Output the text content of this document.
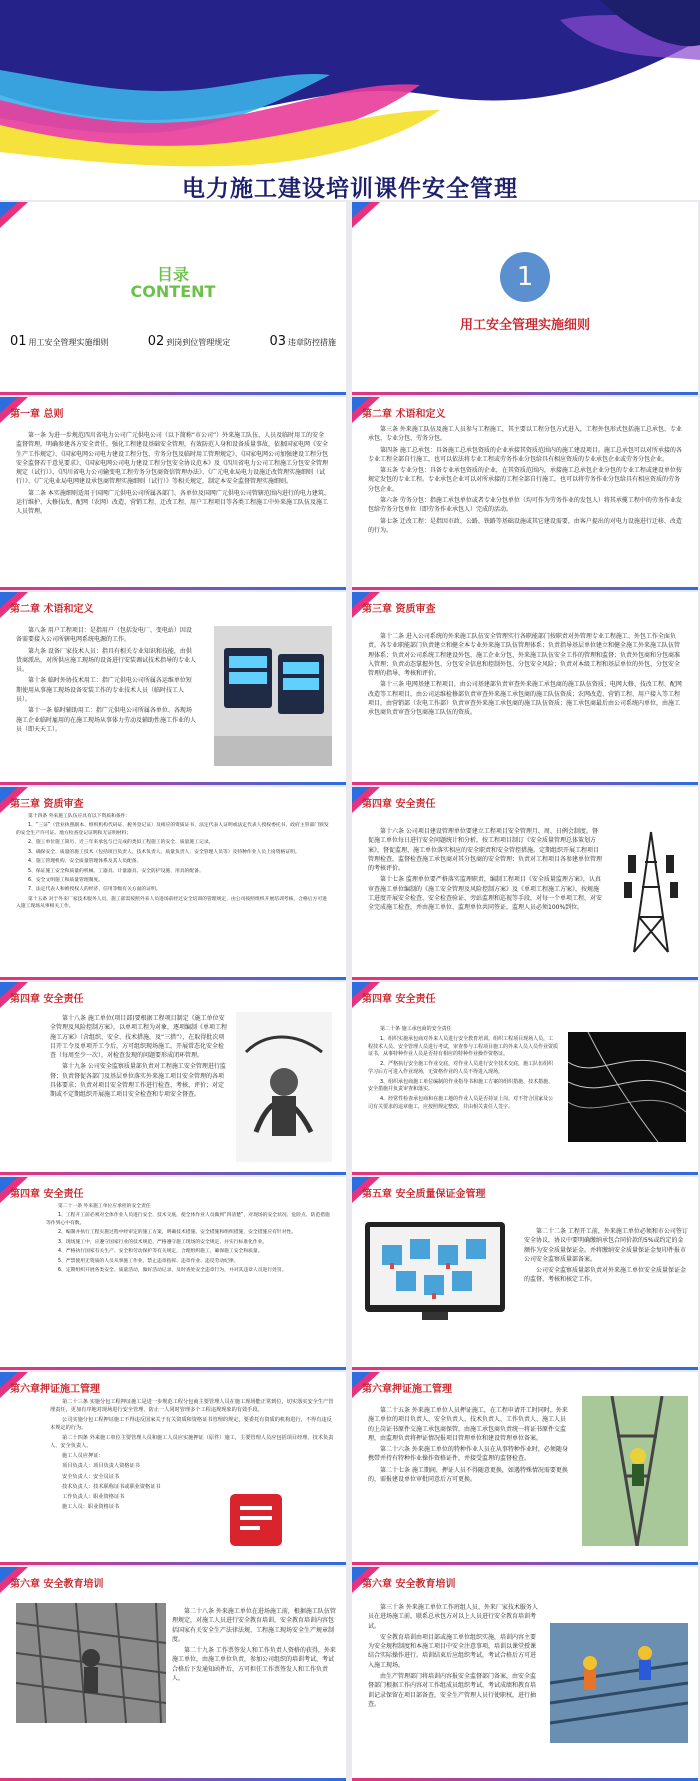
电力施工建设培训课件安全管理
目录
CONTENT
01 用工安全管理实施细则	02 到岗到位管理规定	03 违章防控措施
1
用工安全管理实施细则
第一章 总则

第一条 为进一步规范四川省电力公司广元供电公司（以下简称“市公司”）外来施工队伍、人员及临时用工的安全监督管理，明确参建各方安全责任，强化工程建设基础安全管理，有效防范人身和设备质量事故，依据国家电网《安全生产工作规定》、《国家电网公司电力建设工程分包、劳务分包及临时用工管理规定》、《国家电网公司加强建设工程分包安全监督若干意见要求》、《国家电网公司电力建设工程分包安全协议范本》及《四川省电力公司工程施工分包安全管理规定（试行）》、《四川省电力公司输变电工程劳务分包商资信管理办法》、《广元电业局电力设施迁改管理实施细则（试行）》、《广元电业局电网建设承包商管理实施细则（试行）》等相关规定，制定本安全监督管理实施细则。

第二条 本实施细则适用于国网广元供电公司所属各部门、各单位及国网广元供电公司管辖范围内进行的电力建筑、运行维护、大修技改、配网（农网）改造、营销工程、迁改工程、用户工程项目等各类工程施工中外来施工队伍及施工人员管理。

第二章 术语和定义

第三条 外来施工队伍及施工人员参与工程施工，其主要以工程分包方式进入，工程外包形式包括施工总承包、专业承包、专业分包、劳务分包。

第四条 施工总承包：具备施工总承包资质的企业承接其资质范围内的施工建设项目。施工总承包可以对所承接的各专业工程全部自行施工，也可以依法将专业工程或劳务作业分包给具有相应资质的专业承包企业或劳务分包企业。

第五条 专业分包：具备专业承包资质的企业，在其资质范围内，承接施工总承包企业分包的专业工程或建设单位按规定发包的专业工程。专业承包企业可以对所承接的工程全部自行施工，也可以将劳务作业分包给具有相应资质的劳务分包企业。

第六条 劳务分包：指施工承包单位或者专业分包单位（均可作为劳务作业的发包人）将其承揽工程中的劳务作业发包给劳务分包单位（即劳务作业承包人）完成的活动。

第七条 迁改工程：是指因市政、公路、铁路等基础设施或其它建设需要，由客户提出的对电力设施进行迁移、改造的行为。

第二章 术语和定义

第八条 用户工程项目：是指用户（包括发电厂、变电站）因设备需要接入公司所辖电网系统电源的工作。

第九条 设备厂家技术人员：指具有相关专业知识和技能，由供货商派出，对所供应施工现场的设备进行安装调试技术指导的专业人员。

第十条 临时外协技术用工：指广元供电公司所属各运维单位短期使用从事施工现场设备安装工作的专业技术人员（临时技工人员）。

第十一条 临时辅助用工：指广元供电公司所属各单位、各现场施工企业临时雇用的在施工现场从事体力劳动及辅助性施工作业的人员（即天天工）。

第三章 资质审查

第十二条 进入公司系统的外来施工队伍安全管理实行各职能部门按职责对外管理专业工程施工、外包工作全面负责。各专业职能部门负责建立和健全本专业外来施工队伍管理体系；负责指导基层单位建立和健全施工外来施工队伍管理体系；负责对公司系统工程建设外包、施工企业分包、外来施工队伍安全工作的管理和监督；负责外包商和分包商准入管理；负责动态掌握外包、分包安全信息和控制外包、分包安全风险；负责对本级工程和基层单位的外包、分包安全管理的指导、考核和评价。

第十三条 电网基建工程项目，由公司基建部负责审查外来施工承包商的施工队伍资质；电网大修、技改工程、配网改造等工程项目，由公司运维检修部负责审查外来施工承包商的施工队伍资质；农网改造、营销工程、用户接入等工程项目，由营销部（农电工作部）负责审查外来施工承包商的施工队伍资质；施工承包商最后由公司系统内单位，由施工承包商负责审查分包商施工队伍的资质。

第三章 资质审查

第十四条 外来施工队伍应具有以下资质和条件：

1、“三证”（营业执照副本、组织机构代码证、税务登记证）及相应的资质证书，法定代表人证明或法定代表人授权委托书、政府主管部门颁发的安全生产许可证。地方检查登记证明和无证明材料；

2、施工单位施工简历、近三年来承包与已完成的类似工程施工的安全、质量施工记录。

3、确保安全、质量的施工技术（包括项目负责人、技术负责人、质量负责人、安全管理人员等）及特种作业人员上岗资格证明。

4、施工管理机构、安全质量管理体系及其人员配备。

5、保证施工安全和质量的机械、工器具、计量器具、安全防护设施、用具的配备。

6、安全文明施工和质量管理制度。

7、法定代表人和被授权人的经济、信用等级有关方面的证明。

第十五条 对于外来厂家技术服务人员，施工部需按照外来人员进场前经过安全培训的管理规定，由公司按照组织开展培训考核，合格后方可进入施工现场从事相关工作。

第四章 安全责任

第十六条 公司项目建设管理单位要建立工程项目安全管理月、周、日例会制度。督促施工单位每日进行安全问题统计和分析，按工程项目制订《安全质量管理总体策划方案》，督促监理、施工单位落实相应的安全职责和安全管控措施。定期组织开展工程项目管理检查，监督检查施工承包商对其分包商的安全管理；负责对工程项目各参建单位管理的考核评价。

第十七条 监理单位要严格落实监理职责，编制工程项目《安全质量监理方案》，认真审查施工单位编制的《施工安全管理及风险控制方案》及《单项工程施工方案》，按规施工进度开展安全检查、安全检查验证、旁站监理和巡视等手段，对每一个单项工程，对安全完成施工检查，并由施工单位、监理单位共同签证，监理人员必须100%到位。

第四章 安全责任

第十八条 施工单位(项目部)要根据工程项目制定《施工单位安全管理及风险控制方案》，以单项工程为对象，逐项编制《单项工程施工方案》（含组织、安全、技术措施，及“三措”），在取得批次项目开工令及单项开工令后，方可组织现场施工。开展常态化安全检查（每周至少一次），对检查发现的问题要形成闭环管理。

第十九条 公司安全监察质量部负责对工程施工安全管理进行监督；负责督促各部门及基层单位落实外来施工项目安全管理的各项具体要求；负责对项目安全管理工作进行检查、考核、评价；对定期或不定期组织开展施工项目安全检查和专项安全督查。

第四章 安全责任

第二十条 施工承包商的安全责任

1、组织实施承包商对外来人员进行安全教育培训。组织工程项目现场人员，工程技术人员、安全管理人员进行考试，审查参与工程项目施工的外来人员人员作业资质证书，从事特种作业人员是否持有相应的特种作业操作资格证。

2、严格执行安全施工作业交底，对作业人员进行安全技术交底，施工队伍组织学习后方可进入作业现场，无资格作业的人员不得进入现场。

3、组织承包商施工单位编制的作业指导书和施工方案的组织措施、技术措施、安全措施并负责审查和落实。

4、经常性检查承包商和在施工地的作业人员是否持证上岗，对不符合国家及公司有关要求的违章施工，应按照规定整改，并由相关责任人签字。

第四章 安全责任

第二十一条 外来施工单位应承担的安全责任

1、工程开工前必须对全体作业人员进行安全、技术交底，使全体作业人员做到“四清楚”，对现场的安全状况、危险点、防范措施等作到心中有数。

2、编制并执行工程实施过程中经审定的施工方案，明确技术措施、安全措施和组织措施，安全措施应有针对性。

3、现场施工中，应遵守国家行业的技术规范，严格遵守施工现场的安全规定，并实行标准化作业。

4、严格执行国家有关生产、安全和劳动保护等有关规定，合理组织施工，确保施工安全和质量。

5、严禁使用无资质的人员从事施工作业，禁止违章指挥、违章作业、违反劳动纪律。

6、定期组织开展各类安全、质量活动，做好活动记录，及时查处安全违章行为，并对其违章人员进行处罚。

第五章 安全质量保证金管理

第二十二条 工程开工前，外来施工单位必须和市公司签订安全协议，协议中要明确缴纳承包合同价款的5%或约定的金额作为安全质量保证金。并将缴纳安全质量保证金复印件报市公司安全监察质量部备案。

公司安全监察质量部负责对外来施工单位安全质量保证金的监督、考核和核定工作。

第六章押证施工管理

第二十三条 实施分包工程押证施工是进一步规范工程分包商主要管理人员在施工现场能正常到位，切实落实安全生产管理责任，更加有序地对现场进行安全管理，防止一人同时管理多个工程违规现象的有效手段。

公司实施分包工程押证施工不得违反国家关于有关资质和资格证书管理的规定，要委托有资质的机构进行，不得有违反本规定的行为。

第二十四条 外来施工单位主要管理人员和施工人员应实施押证（原件）施工，主要管理人员应包括项目经理、技术负责人、安全负责人。

施工人员应押证：

项目负责人：项目负责人资格证书

安全负责人：安全员证书

技术负责人：技术职称证书或职业资格证书

工作负责人：职业资格证书

施工人员：职业资格证书

第六章押证施工管理

第二十五条 外来施工单位人员押证施工，在工程申请开工时同时，外来施工单位的项目负责人、安全负责人、技术负责人、工作负责人、施工人员的上岗证书原件交施工承包商保管，由施工承包商负责统一将证书原件交监理，由监理负责将押证情况报项目管理单位和建设管理单位备案。

第二十六条 外来施工单位的特种作业人员在从事特种作业时，必须随身携带并持有特种作业操作资格证件，并接受监理的监督检查。

第二十七条 施工期间，押证人员不得随意更换，如遇特殊情况需要更换的，需报建设单位审批同意后方可更换。

第六章 安全教育培训

第二十八条 外来施工单位在进场施工前，根据施工队伍管理规定，对施工人员进行安全教育培训，安全教育培训内容包括国家有关安全生产法律法规、工程施工现场安全生产规章制度。

第二十九条 工作票签发人和工作负责人资格的获得，外来施工单位，由施工单位负责，参加公司组织的培训考试，考试合格后下发通知函件后，方可担任工作票签发人和工作负责人。

第六章 安全教育培训

第三十条 外来施工单位工作班组人员、外来厂家技术服务人员在进场施工前，联系总承包方对以上人员进行安全教育培训考试。

安全教育培训由项目部或施工单位组织实施，培训内容主要为安全规程制度和本施工项目中安全注意事项，培训以课堂授课结合实际操作进行。培训结束后应组织考试，考试合格后方可进入施工现场。

由生产管理部门将培训内容报安全监督部门备案，由安全监督部门根据工作内容对工作组成员组织考试，考试成绩和教育培训记录保留在项目部备查，安全生产管理人员行使职权，进行抽查。
